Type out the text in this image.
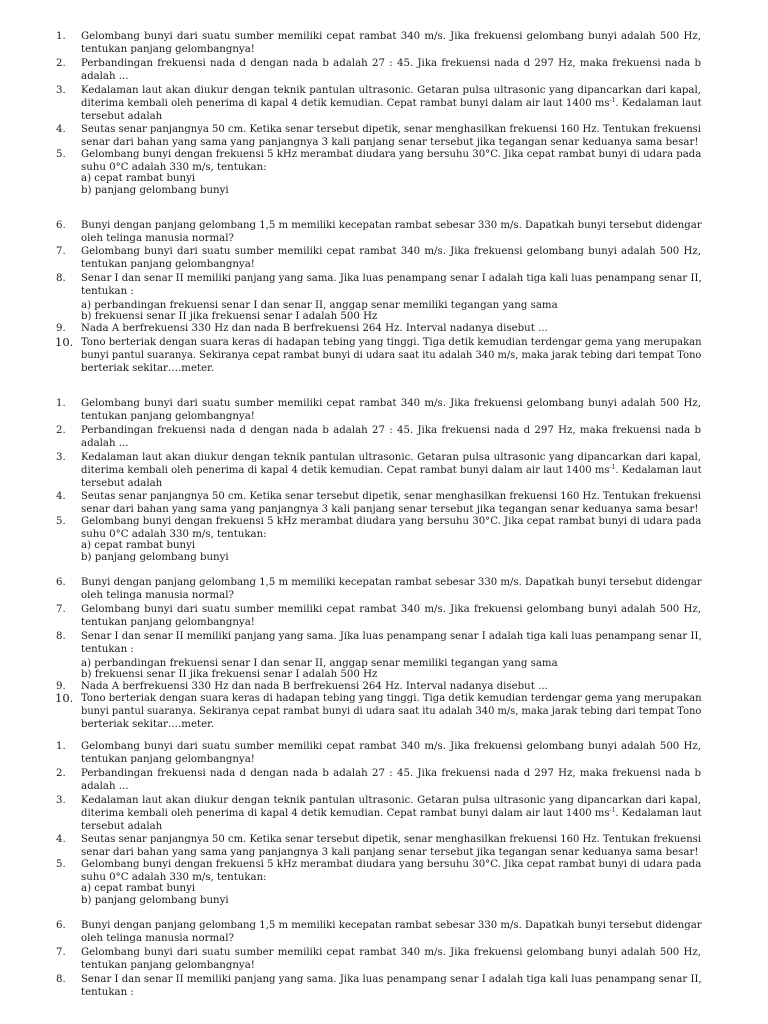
1.	Gelombang bunyi dari suatu sumber memiliki cepat rambat 340 m/s. Jika frekuensi gelombang bunyi adalah 500 Hz,
tentukan panjang gelombangnya!
2.	Perbandingan frekuensi nada d dengan nada b adalah 27 : 45. Jika frekuensi nada d 297 Hz, maka frekuensi nada b
adalah ...
3.	Kedalaman laut akan diukur dengan teknik pantulan ultrasonic. Getaran pulsa ultrasonic yang dipancarkan dari kapal,
diterima kembali oleh penerima di kapal 4 detik kemudian. Cepat rambat bunyi dalam air laut 1400 $ms^{-1}$. Kedalaman laut
tersebut adalah
4.	Seutas senar panjangnya 50 cm. Ketika senar tersebut dipetik, senar menghasilkan frekuensi 160 Hz. Tentukan frekuensi
senar dari bahan yang sama yang panjangnya 3 kali panjang senar tersebut jika tegangan senar keduanya sama besar!
5.	Gelombang bunyi dengan frekuensi 5 kHz merambat diudara yang bersuhu 30°C. Jika cepat rambat bunyi di udara pada
suhu 0°C adalah 330 m/s, tentukan:
a) cepat rambat bunyi
b) panjang gelombang bunyi
6.	Bunyi dengan panjang gelombang 1,5 m memiliki kecepatan rambat sebesar 330 m/s. Dapatkah bunyi tersebut didengar
oleh telinga manusia normal?
7.	Gelombang bunyi dari suatu sumber memiliki cepat rambat 340 m/s. Jika frekuensi gelombang bunyi adalah 500 Hz,
tentukan panjang gelombangnya!
8.	Senar I dan senar II memiliki panjang yang sama. Jika luas penampang senar I adalah tiga kali luas penampang senar II,
tentukan :
a) perbandingan frekuensi senar I dan senar II, anggap senar memiliki tegangan yang sama
b) frekuensi senar II jika frekuensi senar I adalah 500 Hz
9.	Nada A berfrekuensi 330 Hz dan nada B berfrekuensi 264 Hz. Interval nadanya disebut ...
10. Tono berteriak dengan suara keras di hadapan tebing yang tinggi. Tiga detik kemudian terdengar gema yang merupakan
bunyi pantul suaranya. Sekiranya cepat rambat bunyi di udara saat itu adalah 340 m/s, maka jarak tebing dari tempat Tono
berteriak sekitar….meter.
1.	Gelombang bunyi dari suatu sumber memiliki cepat rambat 340 m/s. Jika frekuensi gelombang bunyi adalah 500 Hz,
tentukan panjang gelombangnya!
2.	Perbandingan frekuensi nada d dengan nada b adalah 27 : 45. Jika frekuensi nada d 297 Hz, maka frekuensi nada b
adalah ...
3.	Kedalaman laut akan diukur dengan teknik pantulan ultrasonic. Getaran pulsa ultrasonic yang dipancarkan dari kapal,
diterima kembali oleh penerima di kapal 4 detik kemudian. Cepat rambat bunyi dalam air laut 1400 $ms^{-1}$. Kedalaman laut
tersebut adalah
4.	Seutas senar panjangnya 50 cm. Ketika senar tersebut dipetik, senar menghasilkan frekuensi 160 Hz. Tentukan frekuensi
senar dari bahan yang sama yang panjangnya 3 kali panjang senar tersebut jika tegangan senar keduanya sama besar!
5.	Gelombang bunyi dengan frekuensi 5 kHz merambat diudara yang bersuhu 30°C. Jika cepat rambat bunyi di udara pada
suhu 0°C adalah 330 m/s, tentukan:
a) cepat rambat bunyi
b) panjang gelombang bunyi
6.	Bunyi dengan panjang gelombang 1,5 m memiliki kecepatan rambat sebesar 330 m/s. Dapatkah bunyi tersebut didengar
oleh telinga manusia normal?
7.	Gelombang bunyi dari suatu sumber memiliki cepat rambat 340 m/s. Jika frekuensi gelombang bunyi adalah 500 Hz,
tentukan panjang gelombangnya!
8.	Senar I dan senar II memiliki panjang yang sama. Jika luas penampang senar I adalah tiga kali luas penampang senar II,
tentukan :
a) perbandingan frekuensi senar I dan senar II, anggap senar memiliki tegangan yang sama
b) frekuensi senar II jika frekuensi senar I adalah 500 Hz
9.	Nada A berfrekuensi 330 Hz dan nada B berfrekuensi 264 Hz. Interval nadanya disebut ...
10. Tono berteriak dengan suara keras di hadapan tebing yang tinggi. Tiga detik kemudian terdengar gema yang merupakan
bunyi pantul suaranya. Sekiranya cepat rambat bunyi di udara saat itu adalah 340 m/s, maka jarak tebing dari tempat Tono
berteriak sekitar….meter.
1.	Gelombang bunyi dari suatu sumber memiliki cepat rambat 340 m/s. Jika frekuensi gelombang bunyi adalah 500 Hz,
tentukan panjang gelombangnya!
2.	Perbandingan frekuensi nada d dengan nada b adalah 27 : 45. Jika frekuensi nada d 297 Hz, maka frekuensi nada b
adalah ...
3.	Kedalaman laut akan diukur dengan teknik pantulan ultrasonic. Getaran pulsa ultrasonic yang dipancarkan dari kapal,
diterima kembali oleh penerima di kapal 4 detik kemudian. Cepat rambat bunyi dalam air laut 1400 $ms^{-1}$. Kedalaman laut
tersebut adalah
4.	Seutas senar panjangnya 50 cm. Ketika senar tersebut dipetik, senar menghasilkan frekuensi 160 Hz. Tentukan frekuensi
senar dari bahan yang sama yang panjangnya 3 kali panjang senar tersebut jika tegangan senar keduanya sama besar!
5.	Gelombang bunyi dengan frekuensi 5 kHz merambat diudara yang bersuhu 30°C. Jika cepat rambat bunyi di udara pada
suhu 0°C adalah 330 m/s, tentukan:
a) cepat rambat bunyi
b) panjang gelombang bunyi
6.	Bunyi dengan panjang gelombang 1,5 m memiliki kecepatan rambat sebesar 330 m/s. Dapatkah bunyi tersebut didengar
oleh telinga manusia normal?
7.	Gelombang bunyi dari suatu sumber memiliki cepat rambat 340 m/s. Jika frekuensi gelombang bunyi adalah 500 Hz,
tentukan panjang gelombangnya!
8.	Senar I dan senar II memiliki panjang yang sama. Jika luas penampang senar I adalah tiga kali luas penampang senar II,
tentukan :
